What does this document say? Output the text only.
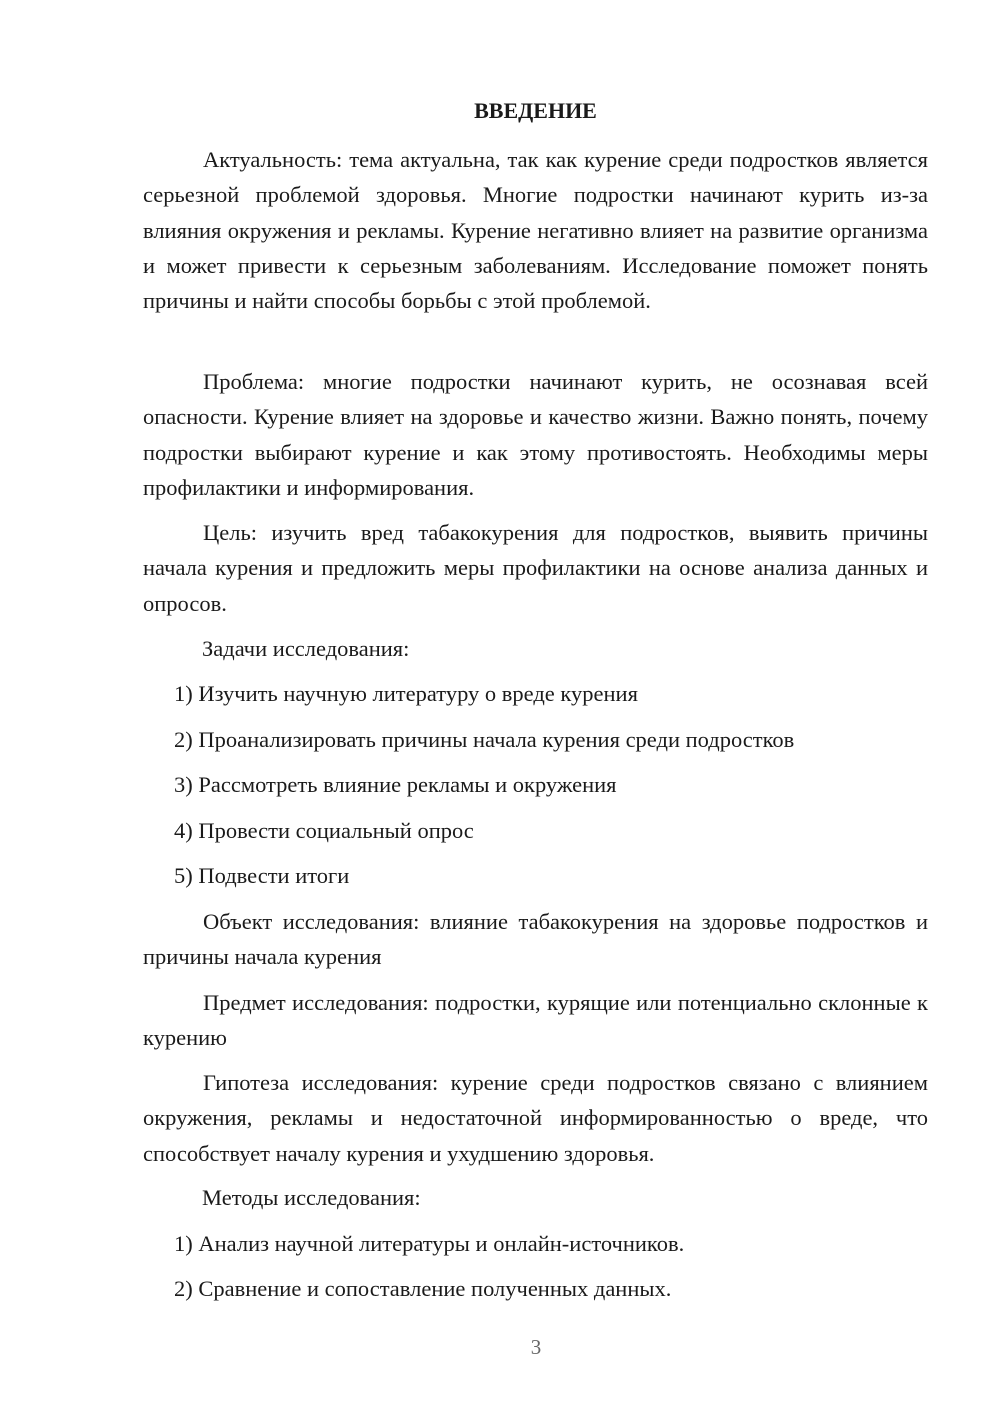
ВВЕДЕНИЕ

Актуальность: тема актуальна, так как курение среди подростков является серьезной проблемой здоровья. Многие подростки начинают курить из-за влияния окружения и рекламы. Курение негативно влияет на развитие организма и может привести к серьезным заболеваниям. Исследование поможет понять причины и найти способы борьбы с этой проблемой.

Проблема: многие подростки начинают курить, не осознавая всей опасности. Курение влияет на здоровье и качество жизни. Важно понять, почему подростки выбирают курение и как этому противостоять. Необходимы меры профилактики и информирования.

Цель: изучить вред табакокурения для подростков, выявить причины начала курения и предложить меры профилактики на основе анализа данных и опросов.

Задачи исследования:

1) Изучить научную литературу о вреде курения

2) Проанализировать причины начала курения среди подростков

3) Рассмотреть влияние рекламы и окружения

4) Провести социальный опрос

5) Подвести итоги

Объект исследования: влияние табакокурения на здоровье подростков и причины начала курения

Предмет исследования: подростки, курящие или потенциально склонные к курению

Гипотеза исследования: курение среди подростков связано с влиянием окружения, рекламы и недостаточной информированностью о вреде, что способствует началу курения и ухудшению здоровья.

Методы исследования:

1) Анализ научной литературы и онлайн-источников.

2) Сравнение и сопоставление полученных данных.

3
